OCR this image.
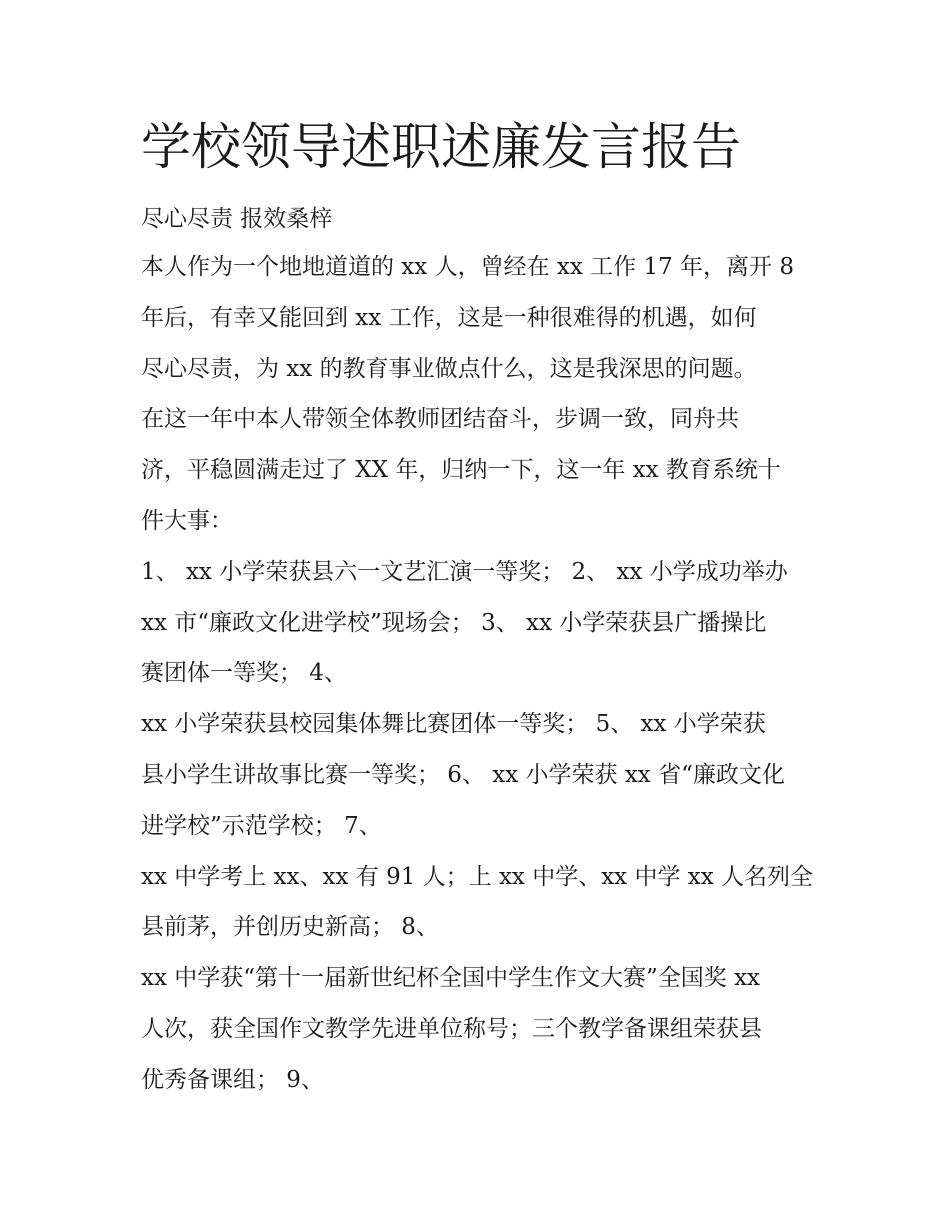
学校领导述职述廉发言报告
尽心尽责 报效桑梓
本人作为一个地地道道的 xx 人，曾经在 xx 工作 17 年，离开 8
年后，有幸又能回到 xx 工作，这是一种很难得的机遇，如何
尽心尽责，为 xx 的教育事业做点什么，这是我深思的问题。
在这一年中本人带领全体教师团结奋斗，步调一致，同舟共
济，平稳圆满走过了 XX 年，归纳一下，这一年 xx 教育系统十
件大事：
1、 xx 小学荣获县六一文艺汇演一等奖； 2、 xx 小学成功举办
xx 市“廉政文化进学校”现场会； 3、 xx 小学荣获县广播操比
赛团体一等奖； 4、
xx 小学荣获县校园集体舞比赛团体一等奖； 5、 xx 小学荣获
县小学生讲故事比赛一等奖； 6、 xx 小学荣获 xx 省“廉政文化
进学校”示范学校； 7、
xx 中学考上 xx、xx 有 91 人；上 xx 中学、xx 中学 xx 人名列全
县前茅，并创历史新高； 8、
xx 中学获“第十一届新世纪杯全国中学生作文大赛”全国奖 xx
人次，获全国作文教学先进单位称号；三个教学备课组荣获县
优秀备课组； 9、
